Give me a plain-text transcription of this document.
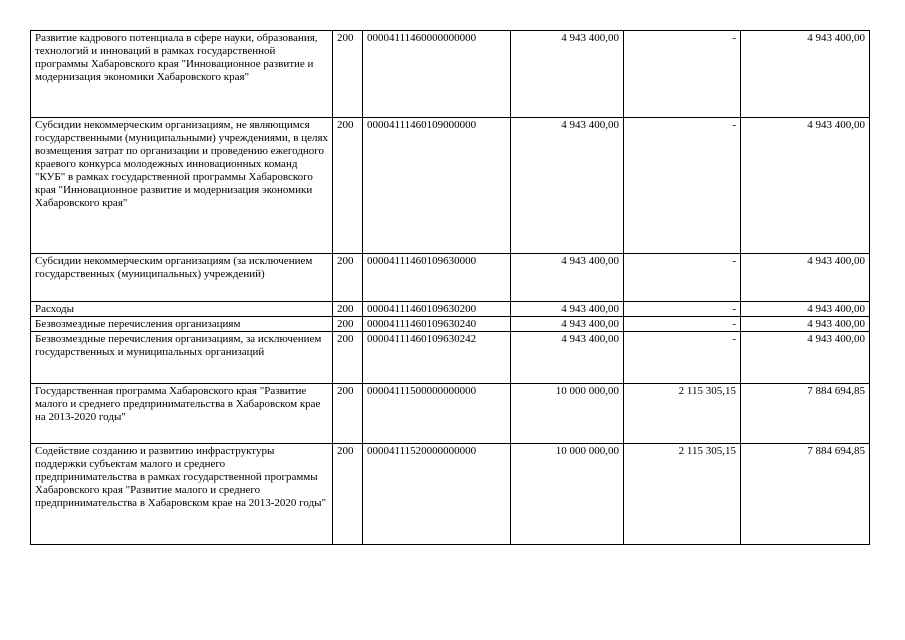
Развитие кадрового потенциала в сфере науки, образования, технологий и инноваций в рамках государственной программы Хабаровского края "Инновационное развитие и модернизация экономики Хабаровского края"	200	00004111460000000000	4 943 400,00	-	4 943 400,00
Субсидии некоммерческим организациям, не являющимся государственными (муниципальными) учреждениями, в целях возмещения затрат по организации и проведению ежегодного краевого конкурса молодежных инновационных команд "КУБ" в рамках государственной программы Хабаровского края "Инновационное развитие и модернизация экономики Хабаровского края"	200	00004111460109000000	4 943 400,00	-	4 943 400,00
Субсидии некоммерческим организациям (за исключением государственных (муниципальных) учреждений)	200	00004111460109630000	4 943 400,00	-	4 943 400,00
Расходы	200	00004111460109630200	4 943 400,00	-	4 943 400,00
Безвозмездные перечисления организациям	200	00004111460109630240	4 943 400,00	-	4 943 400,00
Безвозмездные перечисления организациям, за исключением государственных и муниципальных организаций	200	00004111460109630242	4 943 400,00	-	4 943 400,00
Государственная программа Хабаровского края "Развитие малого и среднего предпринимательства в Хабаровском крае на 2013-2020 годы"	200	00004111500000000000	10 000 000,00	2 115 305,15	7 884 694,85
Содействие созданию и развитию инфраструктуры поддержки субъектам малого и среднего предпринимательства в рамках государственной программы Хабаровского края "Развитие малого и среднего предпринимательства в Хабаровском крае на 2013-2020 годы"	200	00004111520000000000	10 000 000,00	2 115 305,15	7 884 694,85
